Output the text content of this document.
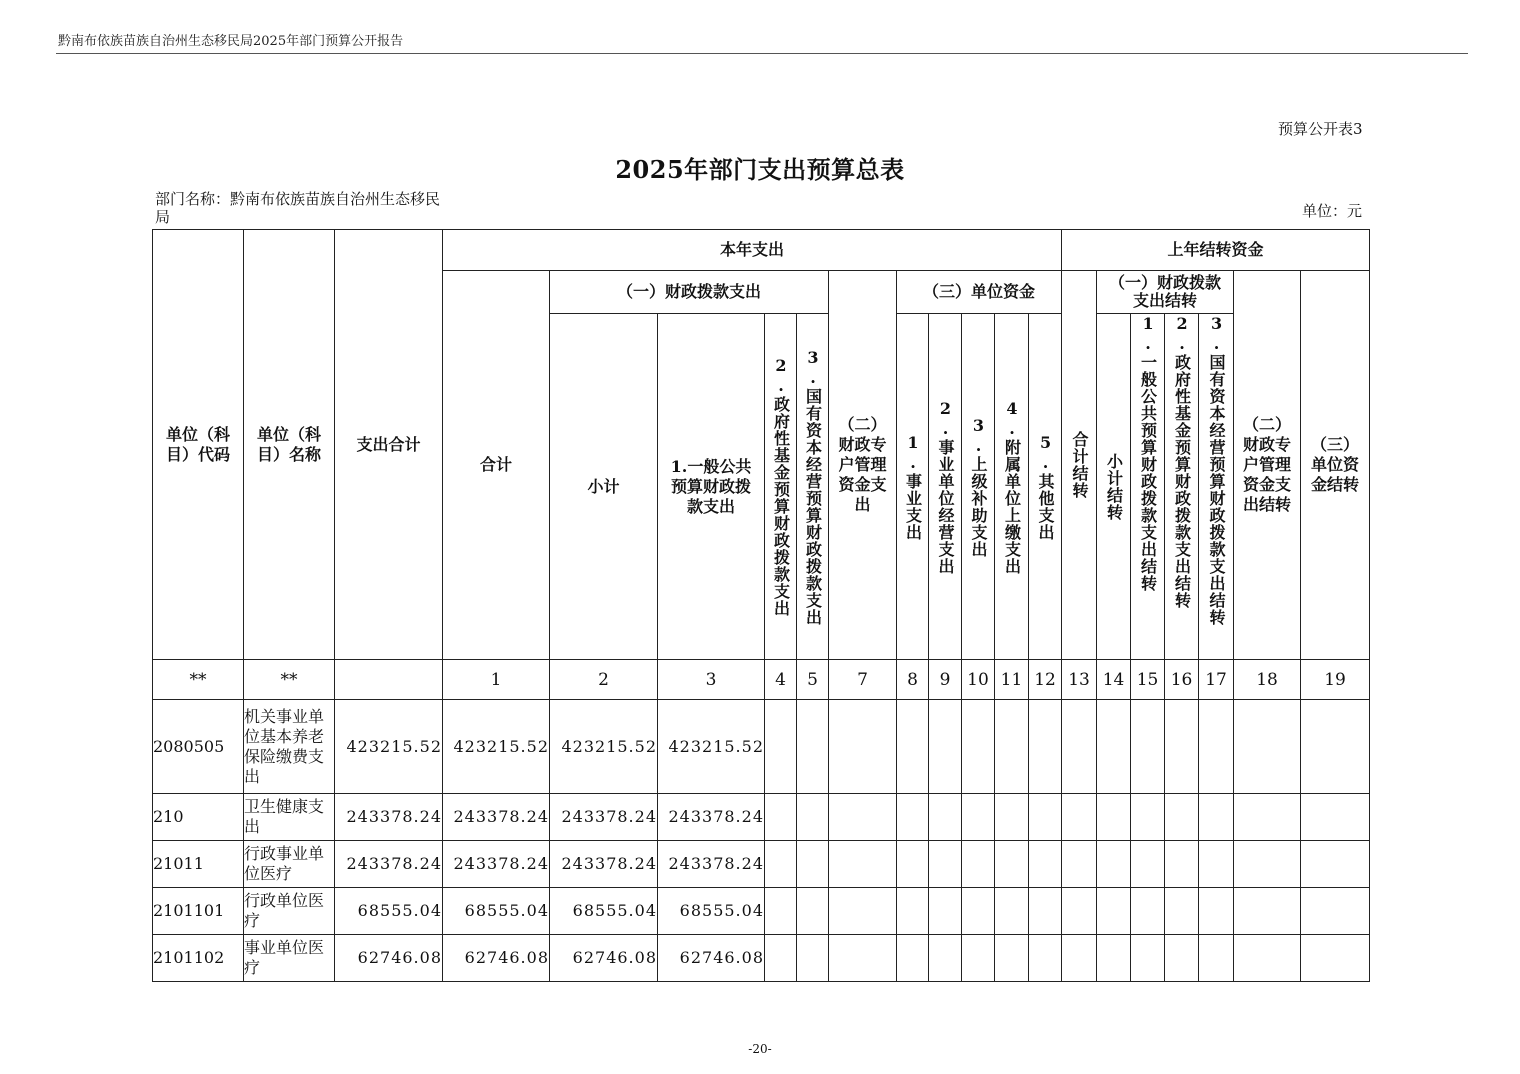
黔南布依族苗族自治州生态移民局2025年部门预算公开报告
预算公开表3
2025年部门支出预算总表
部门名称：黔南布依族苗族自治州生态移民局	单位：元
单位（科目）代码	单位（科目）名称	支出合计	本年支出											上年结转资金						
			合计	（一）财政拨款支出				（二）财政专户管理资金支出	（三）单位资金					合计结转	（一）财政拨款支出结转				（二）财政专户管理资金支出结转	（三）单位资金结转
				小计	1.一般公共预算财政拨款支出	2.政府性基金预算财政拨款支出	3.国有资本经营预算财政拨款支出		1.事业支出	2.事业单位经营支出	3.上级补助支出	4.附属单位上缴支出	5.其他支出		小计结转	1.一般公共预算财政拨款支出结转	2.政府性基金预算财政拨款支出结转	3.国有资本经营预算财政拨款支出结转		

**	**		1	2	3	4	5	7	8	9	10	11	12	13	14	15	16	17	18	19
2080505	机关事业单位基本养老保险缴费支出	423215.52	423215.52	423215.52	423215.52															
210	卫生健康支出	243378.24	243378.24	243378.24	243378.24															
21011	行政事业单位医疗	243378.24	243378.24	243378.24	243378.24															
2101101	行政单位医疗	68555.04	68555.04	68555.04	68555.04															
2101102	事业单位医疗	62746.08	62746.08	62746.08	62746.08															
-20-
